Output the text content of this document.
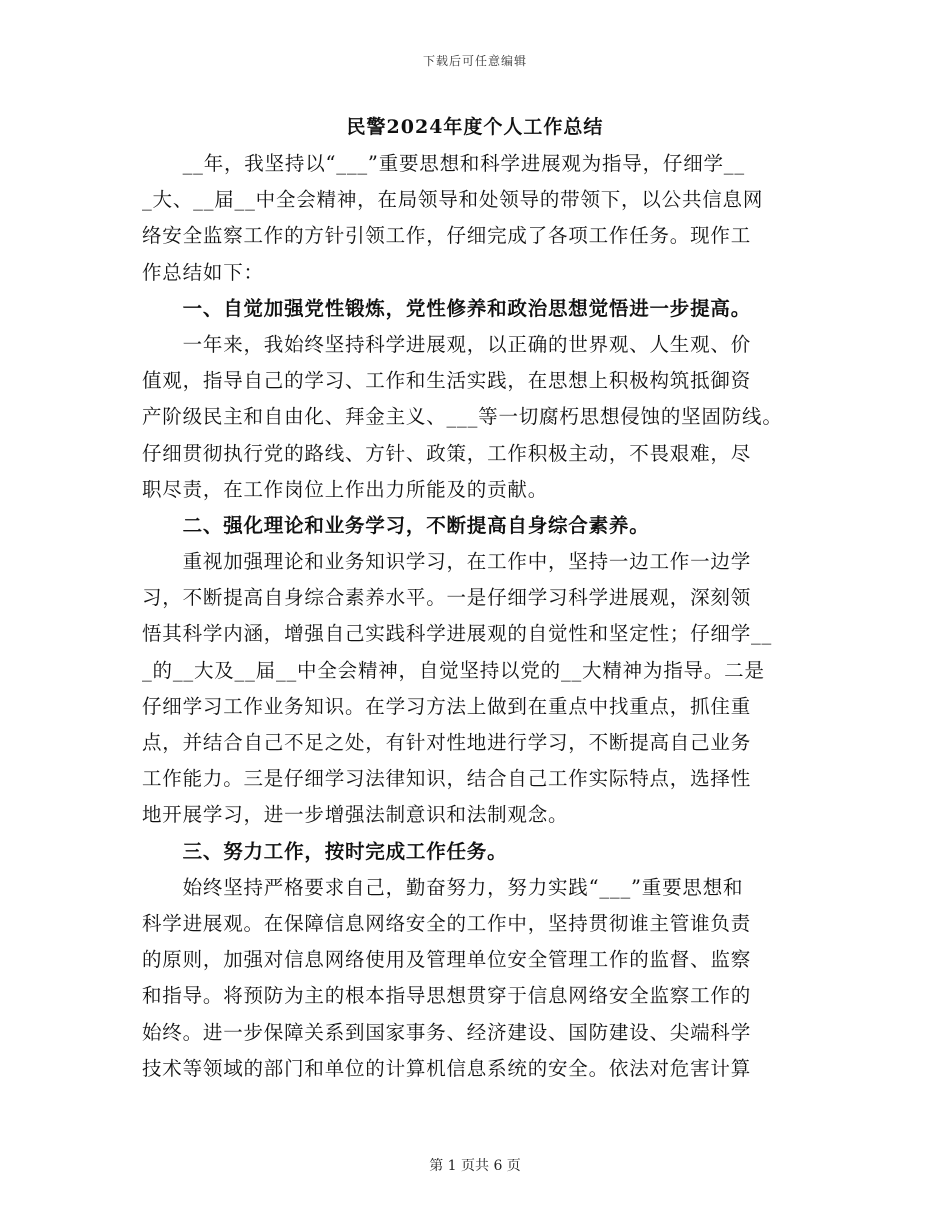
下载后可任意编辑
民警2024年度个人工作总结
　　__年，我坚持以“___”重要思想和科学进展观为指导，仔细学__
_大、__届__中全会精神，在局领导和处领导的带领下，以公共信息网
络安全监察工作的方针引领工作，仔细完成了各项工作任务。现作工
作总结如下：
　　一、自觉加强党性锻炼，党性修养和政治思想觉悟进一步提高。
　　一年来，我始终坚持科学进展观，以正确的世界观、人生观、价
值观，指导自己的学习、工作和生活实践，在思想上积极构筑抵御资
产阶级民主和自由化、拜金主义、___等一切腐朽思想侵蚀的坚固防线。
仔细贯彻执行党的路线、方针、政策，工作积极主动，不畏艰难，尽
职尽责，在工作岗位上作出力所能及的贡献。
　　二、强化理论和业务学习，不断提高自身综合素养。
　　重视加强理论和业务知识学习，在工作中，坚持一边工作一边学
习，不断提高自身综合素养水平。一是仔细学习科学进展观，深刻领
悟其科学内涵，增强自己实践科学进展观的自觉性和坚定性；仔细学__
_的__大及__届__中全会精神，自觉坚持以党的__大精神为指导。二是
仔细学习工作业务知识。在学习方法上做到在重点中找重点，抓住重
点，并结合自己不足之处，有针对性地进行学习，不断提高自己业务
工作能力。三是仔细学习法律知识，结合自己工作实际特点，选择性
地开展学习，进一步增强法制意识和法制观念。
　　三、努力工作，按时完成工作任务。
　　始终坚持严格要求自己，勤奋努力，努力实践“___”重要思想和
科学进展观。在保障信息网络安全的工作中，坚持贯彻谁主管谁负责
的原则，加强对信息网络使用及管理单位安全管理工作的监督、监察
和指导。将预防为主的根本指导思想贯穿于信息网络安全监察工作的
始终。进一步保障关系到国家事务、经济建设、国防建设、尖端科学
技术等领域的部门和单位的计算机信息系统的安全。依法对危害计算
第 1 页共 6 页
